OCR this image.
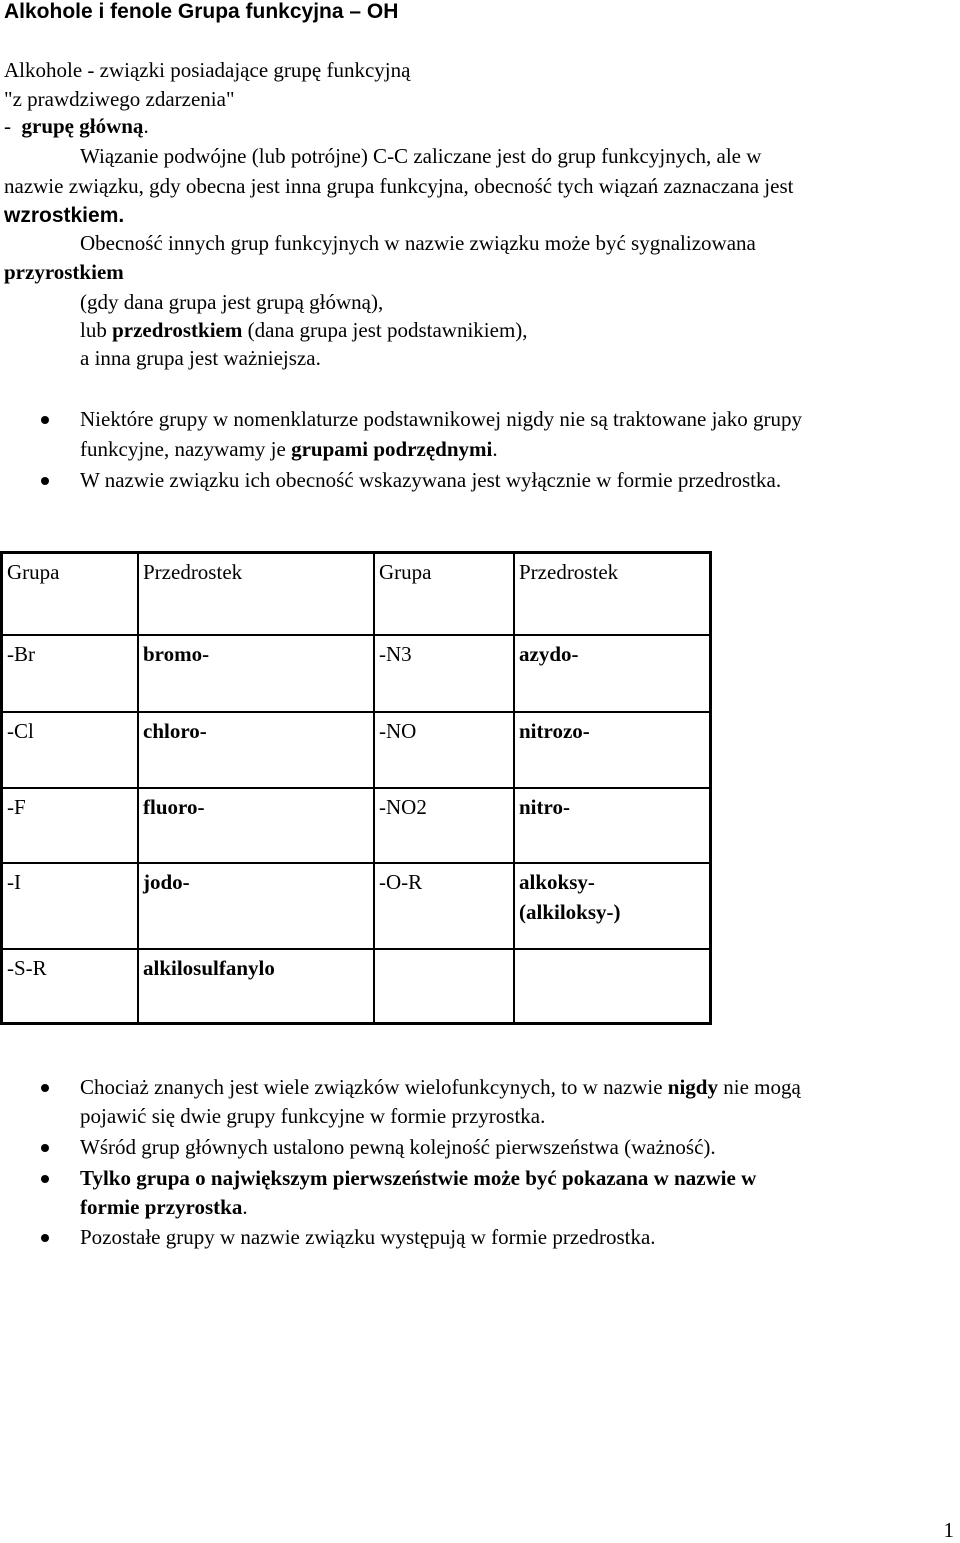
Alkohole i fenole Grupa funkcyjna – OH

Alkohole - związki posiadające grupę funkcyjną

"z prawdziwego zdarzenia"

-  grupę główną.

Wiązanie podwójne (lub potrójne) C-C zaliczane jest do grup funkcyjnych, ale w

nazwie związku, gdy obecna jest inna grupa funkcyjna, obecność tych wiązań zaznaczana jest

wzrostkiem.

Obecność innych grup funkcyjnych w nazwie związku może być sygnalizowana

przyrostkiem

(gdy dana grupa jest grupą główną),

lub przedrostkiem (dana grupa jest podstawnikiem),

a inna grupa jest ważniejsza.

Niektóre grupy w nomenklaturze podstawnikowej nigdy nie są traktowane jako grupy

funkcyjne, nazywamy je grupami podrzędnymi.

W nazwie związku ich obecność wskazywana jest wyłącznie w formie przedrostka.

Grupa	Przedrostek	Grupa	Przedrostek
-Br	bromo-	-N3	azydo-
-Cl	chloro-	-NO	nitrozo-
-F	fluoro-	-NO2	nitro-
-I	jodo-	-O-R	alkoksy-
(alkiloksy-)
-S-R	alkilosulfanylo		

Chociaż znanych jest wiele związków wielofunkcynych, to w nazwie nigdy nie mogą

pojawić się dwie grupy funkcyjne w formie przyrostka.

Wśród grup głównych ustalono pewną kolejność pierwszeństwa (ważność).

Tylko grupa o największym pierwszeństwie może być pokazana w nazwie w

formie przyrostka.

Pozostałe grupy w nazwie związku występują w formie przedrostka.

1
